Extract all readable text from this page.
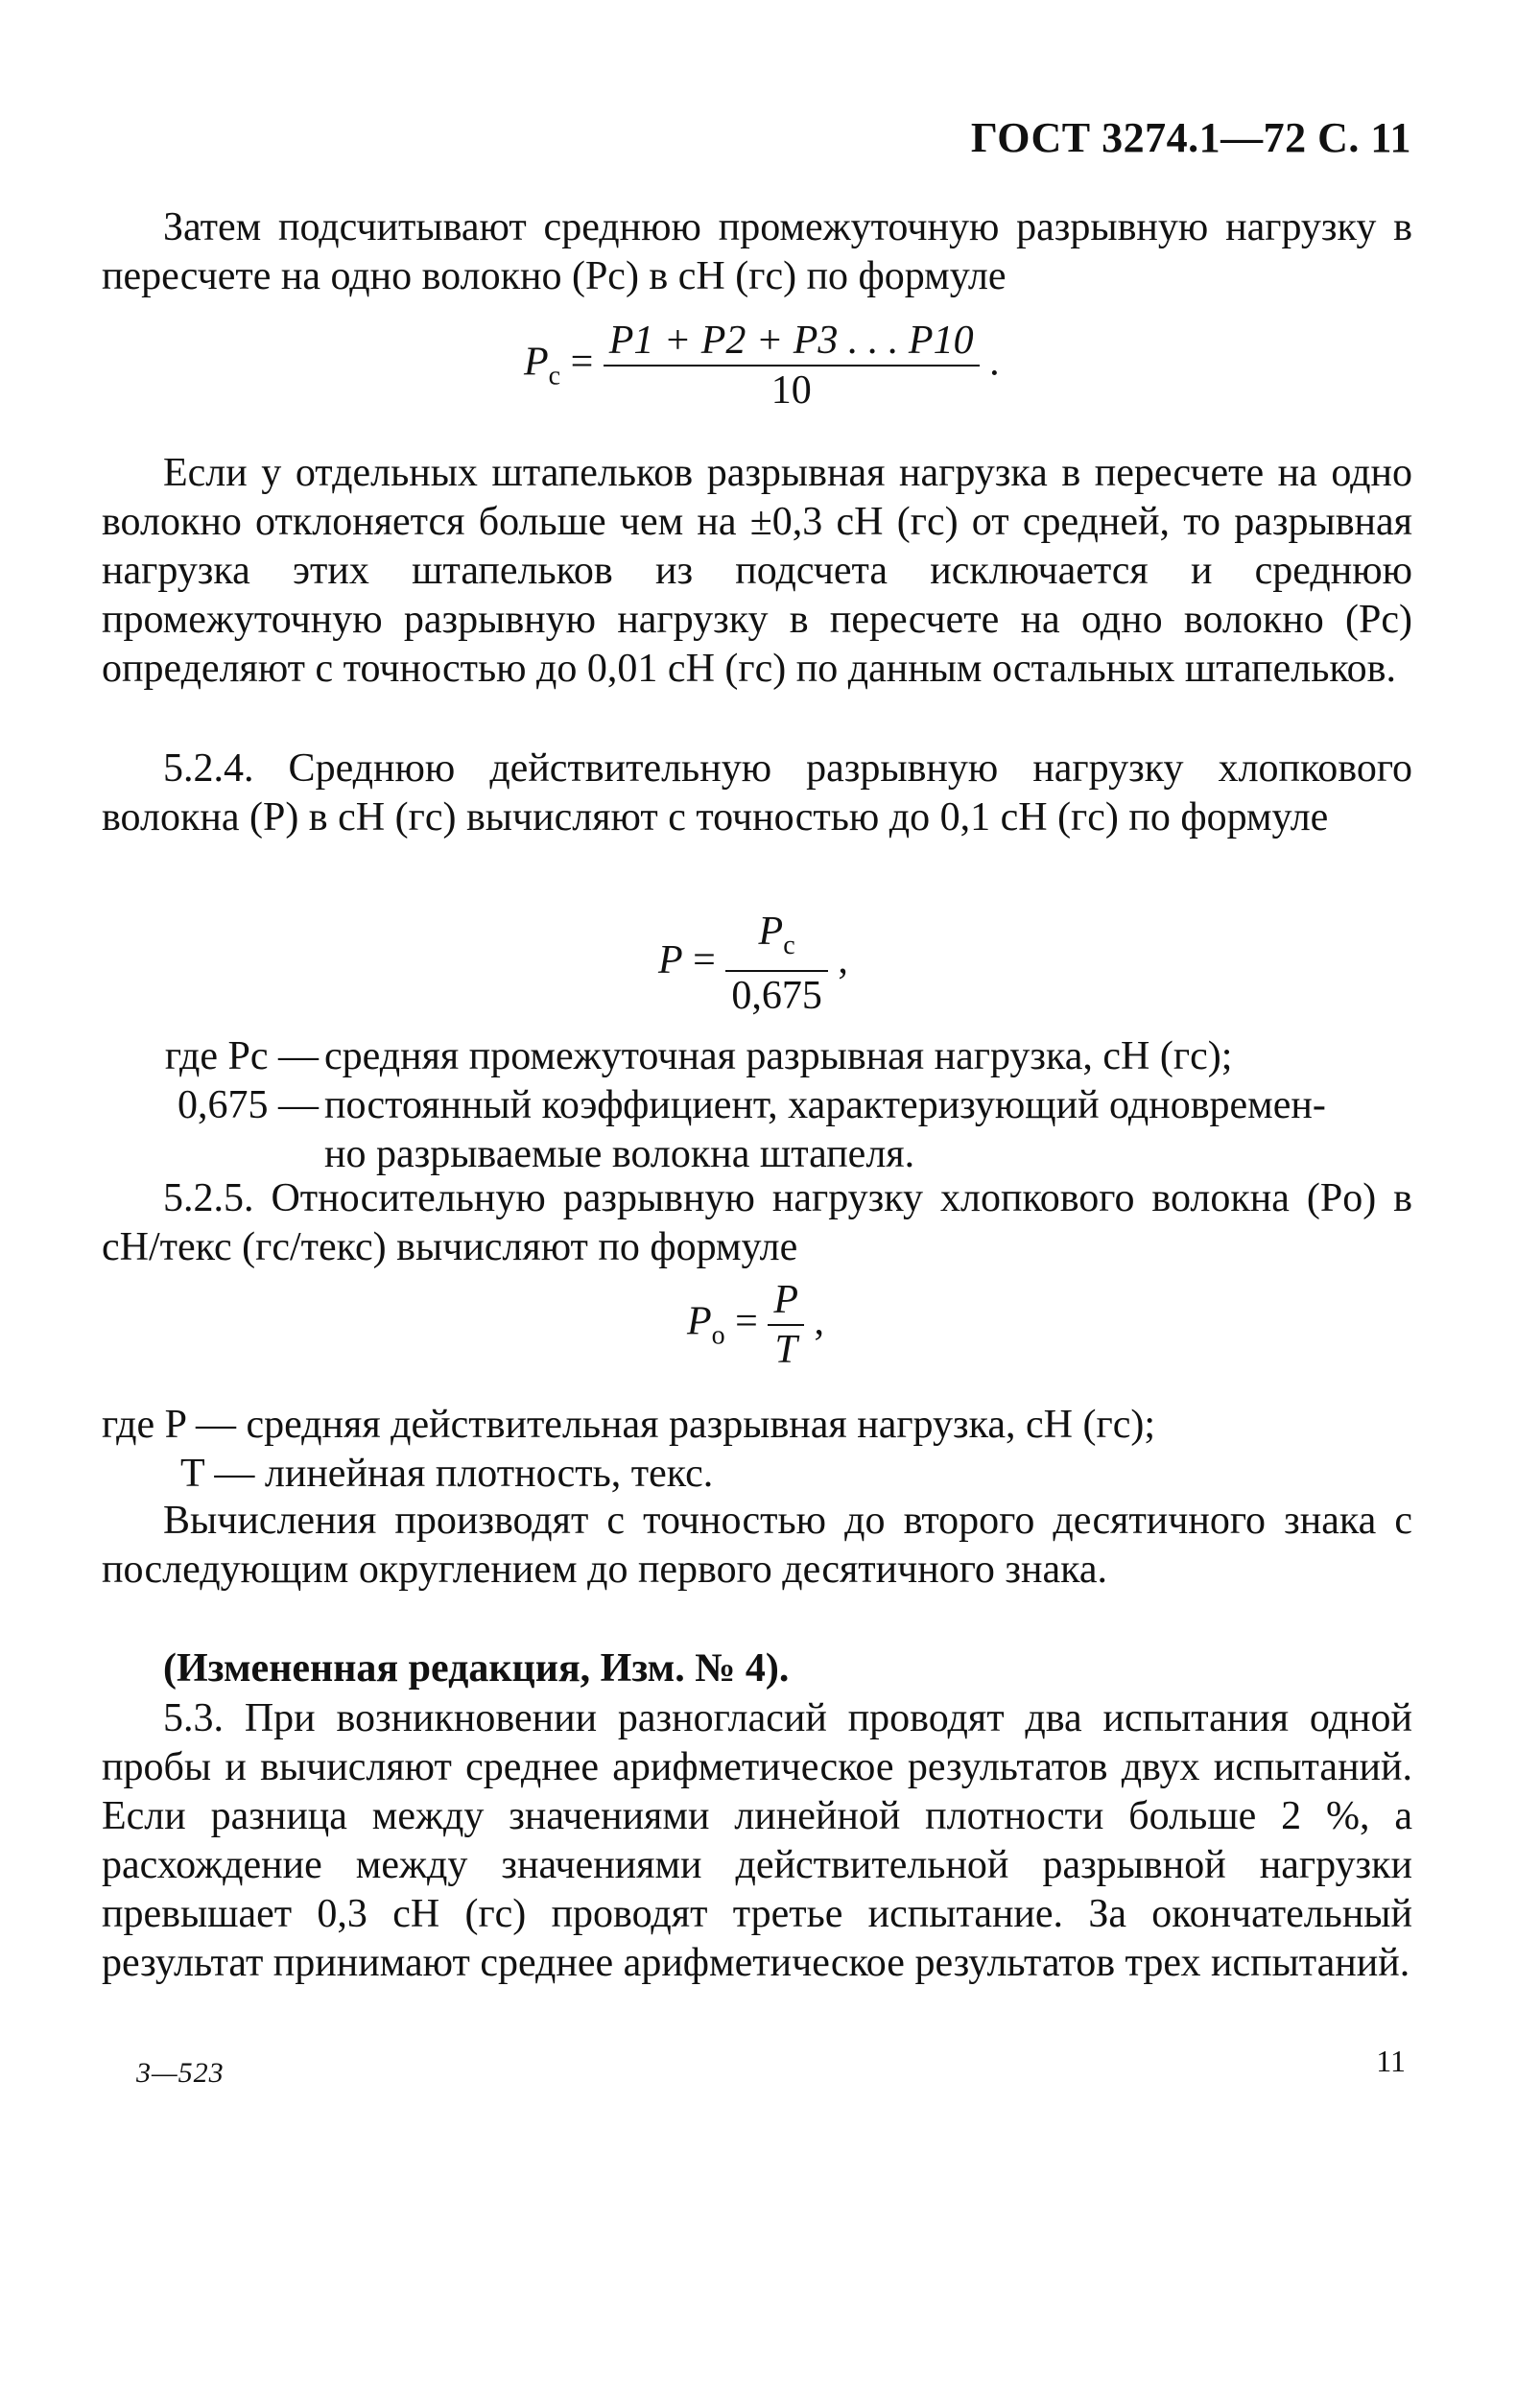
ГОСТ 3274.1—72 С. 11

Затем подсчитывают среднюю промежуточную разрывную нагрузку в пересчете на одно волокно (Pc) в сН (гс) по формуле

$P_c = \frac{P1 + P2 + P3 . . . P10}{10}$ .

Если у отдельных штапельков разрывная нагрузка в пересчете на одно волокно отклоняется больше чем на ±0,3 сН (гс) от средней, то разрывная нагрузка этих штапельков из подсчета исключается и среднюю промежуточную разрывную нагрузку в пересчете на одно волокно (Pc) определяют с точностью до 0,01 сН (гс) по данным остальных штапельков.

5.2.4. Среднюю действительную разрывную нагрузку хлопкового волокна (P) в сН (гс) вычисляют с точностью до 0,1 сН (гс) по формуле

$P = \frac{P_c}{0,675}$ ,
где Pc — средняя промежуточная разрывная нагрузка, сН (гс);
0,675 — постоянный коэффициент, характеризующий одновремен-
но разрываемые волокна штапеля.

5.2.5. Относительную разрывную нагрузку хлопкового волокна (Po) в сН/текс (гс/текс) вычисляют по формуле

$P_o = \frac{P}{T}$ ,
где P — средняя действительная разрывная нагрузка, сН (гс);
T — линейная плотность, текс.

Вычисления производят с точностью до второго десятичного знака с последующим округлением до первого десятичного знака.

(Измененная редакция, Изм. № 4).

5.3. При возникновении разногласий проводят два испытания одной пробы и вычисляют среднее арифметическое результатов двух испытаний. Если разница между значениями линейной плотности больше 2 %, а расхождение между значениями действительной разрывной нагрузки превышает 0,3 сН (гс) проводят третье испытание. За окончательный результат принимают среднее арифметическое результатов трех испытаний.

3—523	11
